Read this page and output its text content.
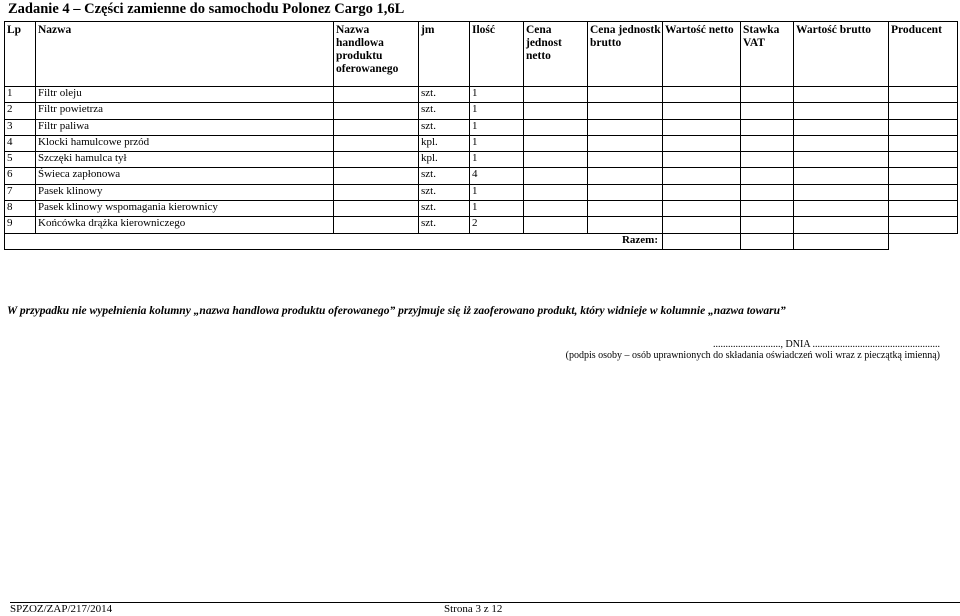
Zadanie 4 – Części zamienne do samochodu Polonez Cargo 1,6L
Lp	Nazwa	Nazwa handlowa produktu oferowanego	jm	Ilość	Cena jednost netto	Cena jednostk brutto	Wartość netto	Stawka VAT	Wartość brutto	Producent
1	Filtr oleju		szt.	1						
2	Filtr powietrza		szt.	1						
3	Filtr paliwa		szt.	1						
4	Klocki hamulcowe przód		kpl.	1						
5	Szczęki hamulca tył		kpl.	1						
6	Świeca zapłonowa		szt.	4						
7	Pasek klinowy		szt.	1						
8	Pasek klinowy wspomagania kierownicy		szt.	1						
9	Końcówka drążka kierowniczego		szt.	2						
Razem:										
W przypadku nie wypełnienia kolumny „nazwa handlowa produktu oferowanego” przyjmuje się iż zaoferowano produkt, który widnieje w kolumnie „nazwa towaru”
..........................., DNIA ...................................................
(podpis osoby – osób uprawnionych do składania oświadczeń woli wraz z pieczątką imienną)
SPZOZ/ZAP/217/2014	Strona 3 z 12
